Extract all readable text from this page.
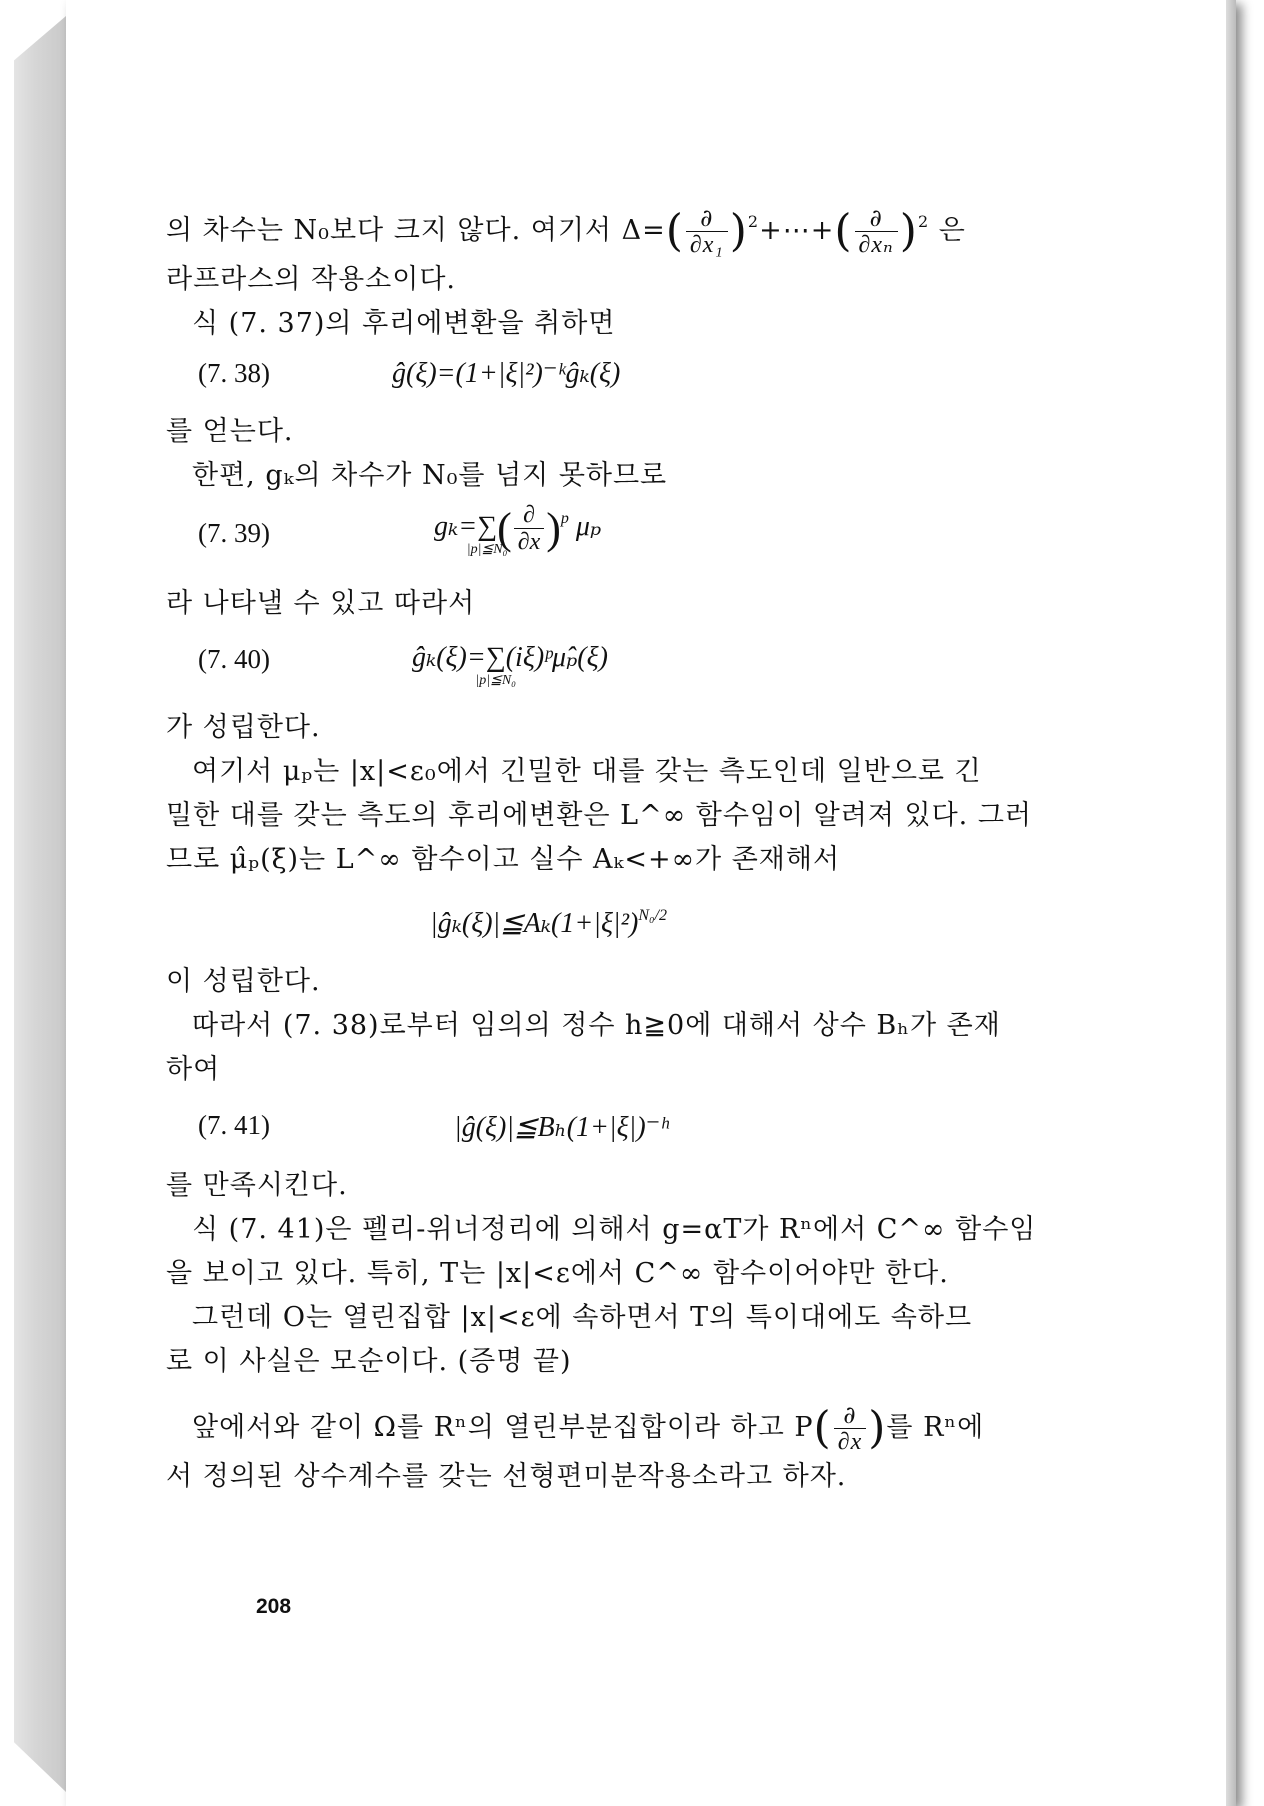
의 차수는 N₀보다 크지 않다. 여기서 $\Delta=( \frac{\partial}{\text{∂x₁}}$ )$^2+\cdots+( \frac{\partial}{\text{∂xₙ}} )^2$ 은
라프라스의 작용소이다.
식 (7. 37)의 후리에변환을 취하면
(7. 38)	ĝ(ξ)=(1+|ξ|²)⁻ᵏĝₖ(ξ)
를 얻는다.
한편, gₖ의 차수가 N₀를 넘지 못하므로
(7. 39)	gₖ=∑
|p|≦N₀
( $\frac{\partial}{\partial x} )^p$ μₚ
라 나타낼 수 있고 따라서
(7. 40)	ĝₖ(ξ)=∑
|p|≦N₀
(iξ)ᵖμ̂ₚ(ξ)
가 성립한다.
여기서 μₚ는 |x|<ε₀에서 긴밀한 대를 갖는 측도인데 일반으로 긴
밀한 대를 갖는 측도의 후리에변환은 L^∞ 함수임이 알려져 있다. 그러
므로 μ̂ₚ(ξ)는 L^∞ 함수이고 실수 Aₖ<+∞가 존재해서
$|ĝ_k(\xi)|≦A_k(1+|\xi|^2)^{N_0/2}$
이 성립한다.
따라서 (7. 38)로부터 임의의 정수 h≧0에 대해서 상수 Bₕ가 존재
하여
(7. 41)	|ĝ(ξ)|≦Bₕ(1+|ξ|)⁻ʰ
를 만족시킨다.
식 (7. 41)은 펠리-위너정리에 의해서 g=αT가 Rⁿ에서 C^∞ 함수임
을 보이고 있다. 특히, T는 |x|<ε에서 C^∞ 함수이어야만 한다.
그런데 O는 열린집합 |x|<ε에 속하면서 T의 특이대에도 속하므
로 이 사실은 모순이다. (증명 끝)
앞에서와 같이 Ω를 Rⁿ의 열린부분집합이라 하고 $P( \frac{\partial}{\partial x}$ )를 Rⁿ에
서 정의된 상수계수를 갖는 선형편미분작용소라고 하자.
208
